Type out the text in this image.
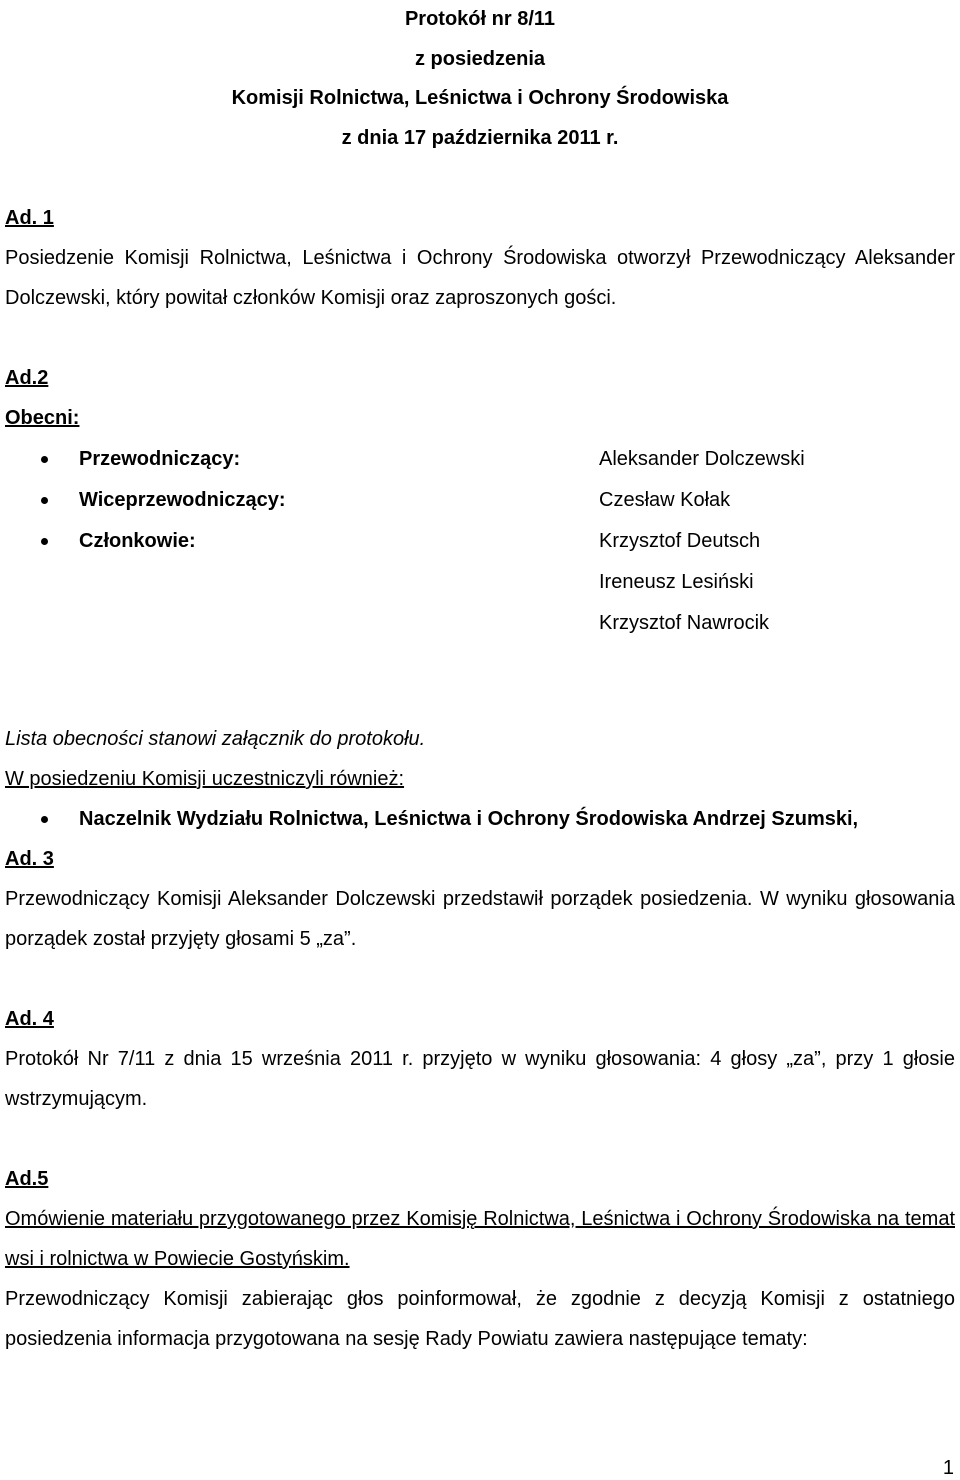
Protokół nr 8/11
z posiedzenia
Komisji Rolnictwa, Leśnictwa i Ochrony Środowiska
z dnia 17 października 2011 r.
Ad. 1
Posiedzenie Komisji Rolnictwa, Leśnictwa i Ochrony Środowiska otworzył Przewodniczący Aleksander Dolczewski, który powitał członków Komisji oraz zaproszonych gości.
Ad.2
Obecni:
Przewodniczący:	Aleksander Dolczewski
Wiceprzewodniczący:	Czesław Kołak
Członkowie:	Krzysztof Deutsch
Ireneusz Lesiński
Krzysztof Nawrocik
Lista obecności stanowi załącznik do protokołu.
W posiedzeniu Komisji uczestniczyli również:
Naczelnik Wydziału Rolnictwa, Leśnictwa i Ochrony Środowiska Andrzej Szumski,
Ad. 3
Przewodniczący Komisji Aleksander Dolczewski przedstawił porządek posiedzenia. W wyniku głosowania porządek został przyjęty głosami 5 „za”.
Ad. 4
Protokół Nr 7/11 z dnia 15 września 2011 r. przyjęto w wyniku głosowania: 4 głosy „za”, przy 1 głosie wstrzymującym.
Ad.5
Omówienie materiału przygotowanego przez Komisję Rolnictwa, Leśnictwa i Ochrony Środowiska na temat wsi i rolnictwa w Powiecie Gostyńskim.
Przewodniczący Komisji zabierając głos poinformował, że zgodnie z decyzją Komisji z ostatniego posiedzenia informacja przygotowana na sesję Rady Powiatu zawiera następujące tematy:
1
